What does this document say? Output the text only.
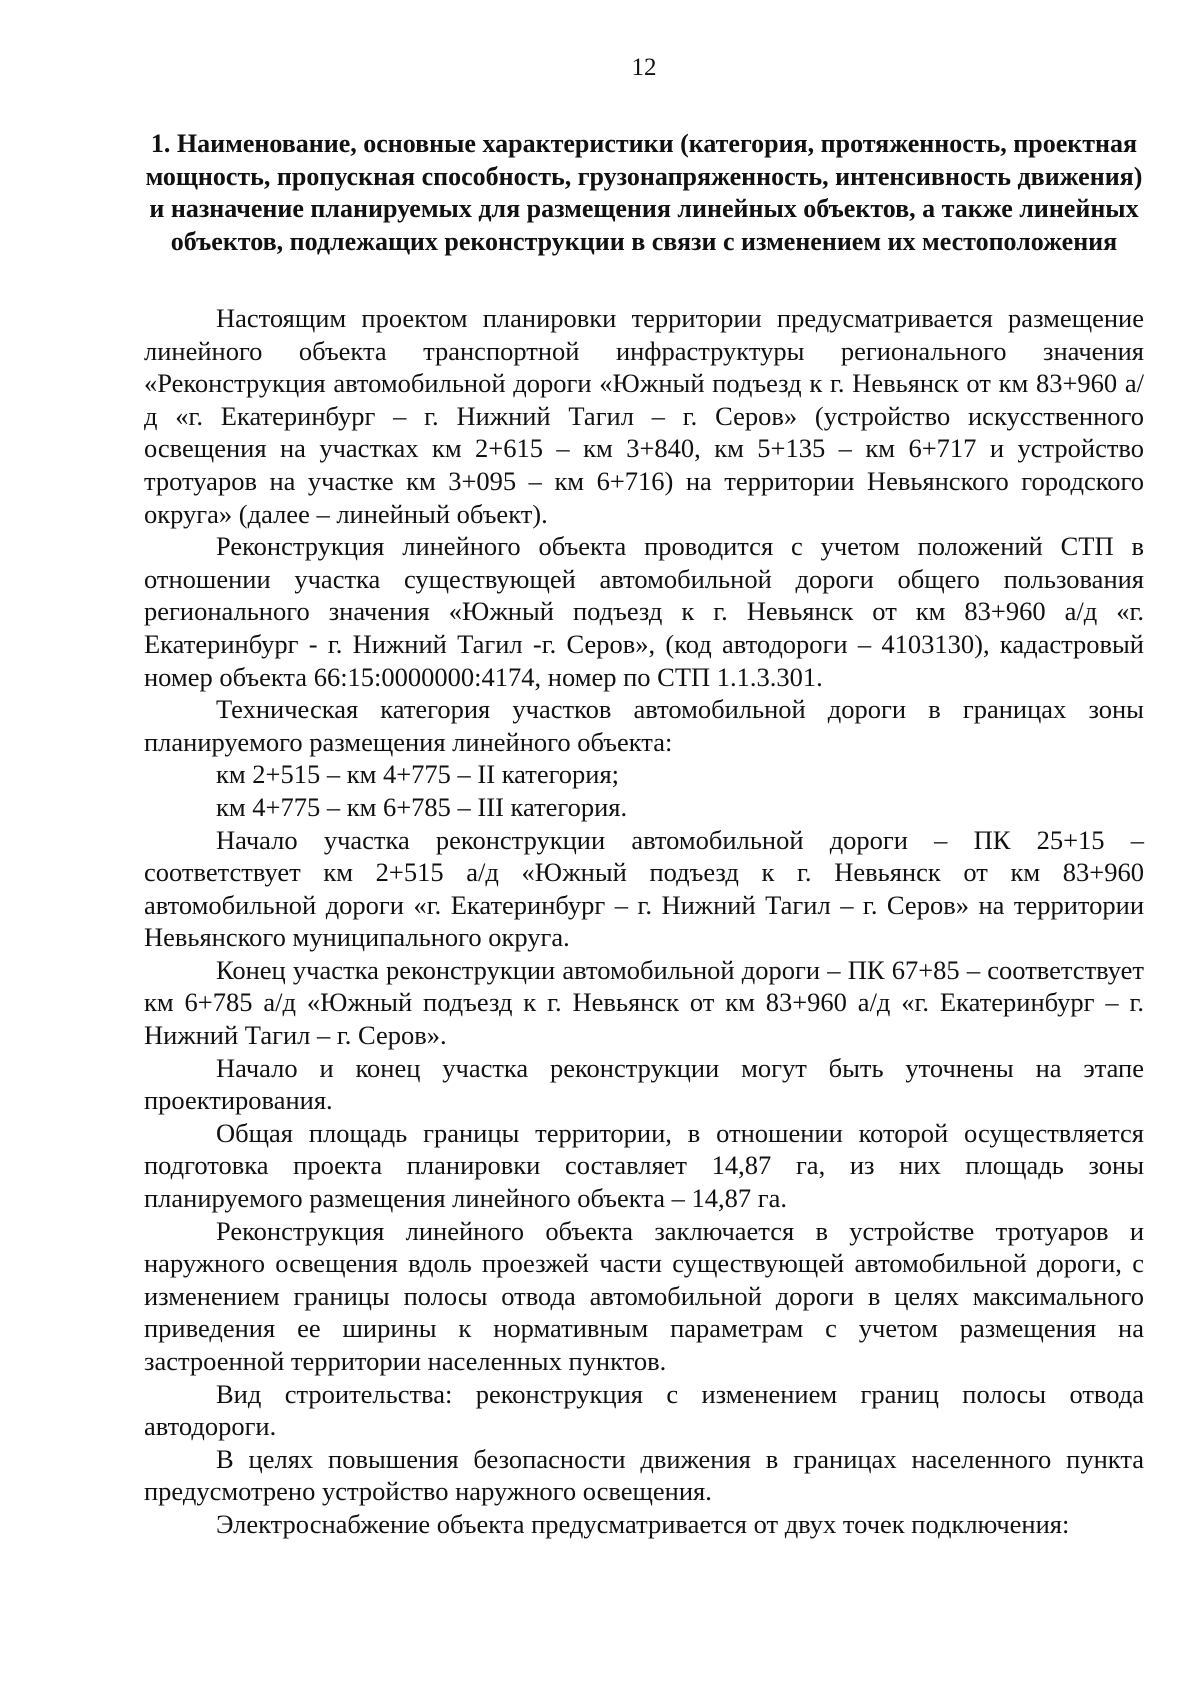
12
1. Наименование, основные характеристики (категория, протяженность, проектная мощность, пропускная способность, грузонапряженность, интенсивность движения) и назначение планируемых для размещения линейных объектов, а также линейных объектов, подлежащих реконструкции в связи с изменением их местоположения

Настоящим проектом планировки территории предусматривается размещение линейного объекта транспортной инфраструктуры регионального значения «Реконструкция автомобильной дороги «Южный подъезд к г. Невьянск от км 83+960 а/д «г. Екатеринбург – г. Нижний Тагил – г. Серов» (устройство искусственного освещения на участках км 2+615 – км 3+840, км 5+135 – км 6+717 и устройство тротуаров на участке км 3+095 – км 6+716) на территории Невьянского городского округа» (далее – линейный объект).

Реконструкция линейного объекта проводится с учетом положений СТП в отношении участка существующей автомобильной дороги общего пользования регионального значения «Южный подъезд к г. Невьянск от км 83+960 а/д «г. Екатеринбург - г. Нижний Тагил -г. Серов», (код автодороги – 4103130), кадастровый номер объекта 66:15:0000000:4174, номер по СТП 1.1.3.301.

Техническая категория участков автомобильной дороги в границах зоны планируемого размещения линейного объекта:

км 2+515 – км 4+775 – II категория;

км 4+775 – км 6+785 – III категория.

Начало участка реконструкции автомобильной дороги – ПК 25+15 – соответствует км 2+515 а/д «Южный подъезд к г. Невьянск от км 83+960 автомобильной дороги «г. Екатеринбург – г. Нижний Тагил – г. Серов» на территории Невьянского муниципального округа.

Конец участка реконструкции автомобильной дороги – ПК 67+85 – соответствует км 6+785 а/д «Южный подъезд к г. Невьянск от км 83+960 а/д «г. Екатеринбург – г. Нижний Тагил – г. Серов».

Начало и конец участка реконструкции могут быть уточнены на этапе проектирования.

Общая площадь границы территории, в отношении которой осуществляется подготовка проекта планировки составляет 14,87 га, из них площадь зоны планируемого размещения линейного объекта – 14,87 га.

Реконструкция линейного объекта заключается в устройстве тротуаров и наружного освещения вдоль проезжей части существующей автомобильной дороги, с изменением границы полосы отвода автомобильной дороги в целях максимального приведения ее ширины к нормативным параметрам с учетом размещения на застроенной территории населенных пунктов.

Вид строительства: реконструкция с изменением границ полосы отвода автодороги.

В целях повышения безопасности движения в границах населенного пункта предусмотрено устройство наружного освещения.

Электроснабжение объекта предусматривается от двух точек подключения:
